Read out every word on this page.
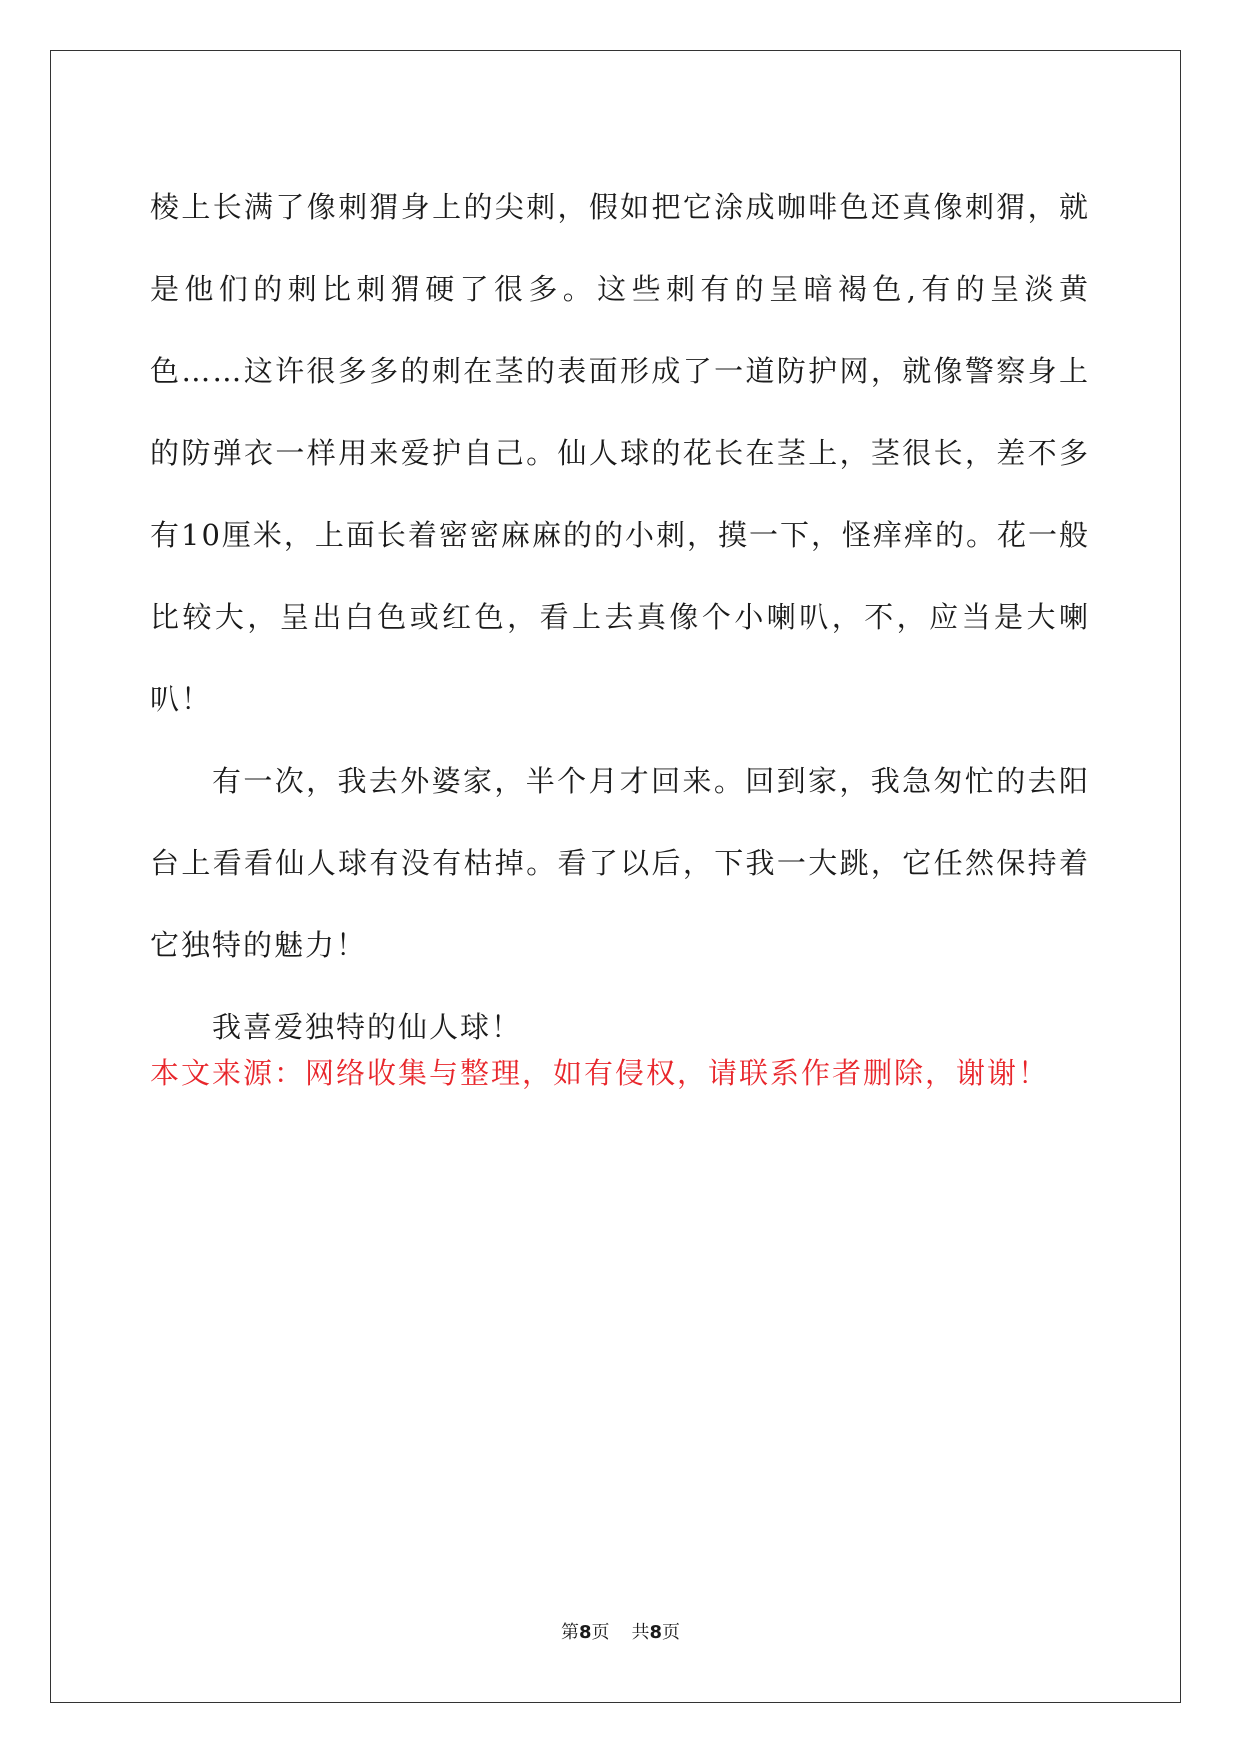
棱上长满了像刺猬身上的尖刺，假如把它涂成咖啡色还真像刺猬，就是他们的刺比刺猬硬了很多。这些刺有的呈暗褐色,有的呈淡黄色……这许很多多的刺在茎的表面形成了一道防护网，就像警察身上的防弹衣一样用来爱护自己。仙人球的花长在茎上，茎很长，差不多有10厘米，上面长着密密麻麻的的小刺，摸一下，怪痒痒的。花一般比较大，呈出白色或红色，看上去真像个小喇叭，不，应当是大喇叭！

有一次，我去外婆家，半个月才回来。回到家，我急匆忙的去阳台上看看仙人球有没有枯掉。看了以后，下我一大跳，它任然保持着它独特的魅力！

我喜爱独特的仙人球！

本文来源：网络收集与整理，如有侵权，请联系作者删除，谢谢！
第8页 共8页
